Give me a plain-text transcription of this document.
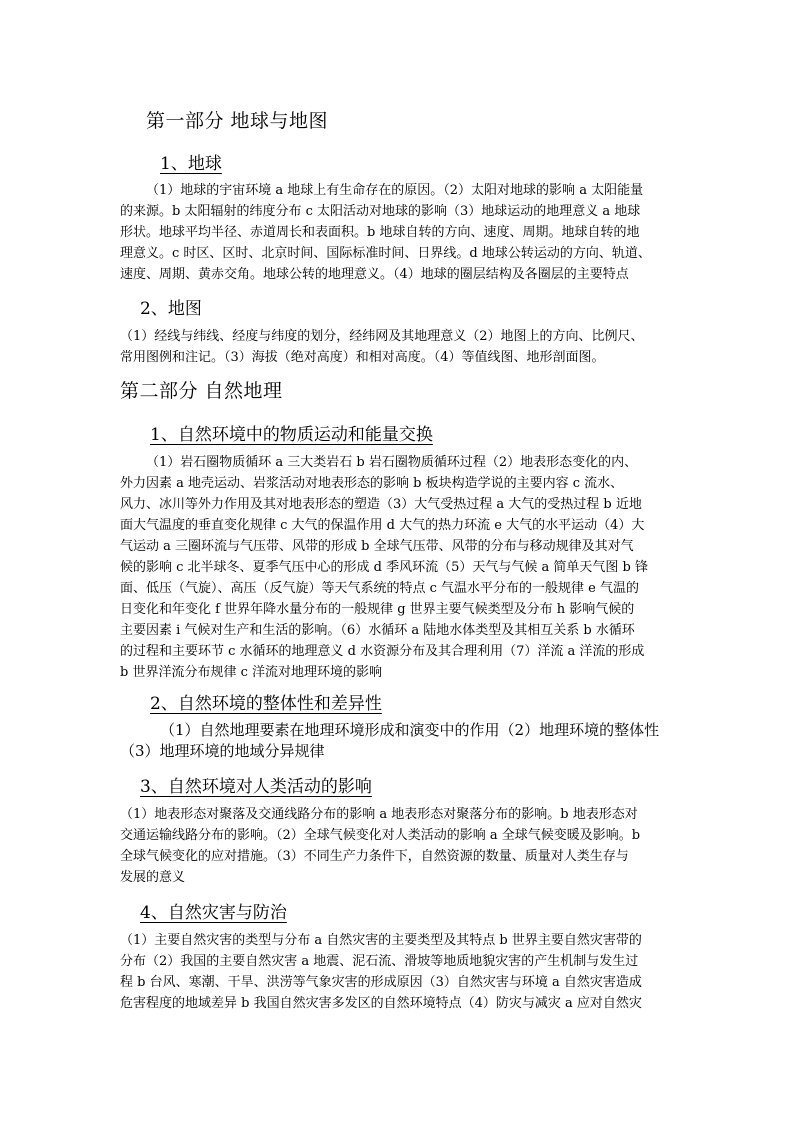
第一部分 地球与地图
1、地球
（1）地球的宇宙环境 a 地球上有生命存在的原因。（2）太阳对地球的影响 a 太阳能量
的来源。b 太阳辐射的纬度分布 c 太阳活动对地球的影响（3）地球运动的地理意义 a 地球
形状。地球平均半径、赤道周长和表面积。b 地球自转的方向、速度、周期。地球自转的地
理意义。c 时区、区时、北京时间、国际标准时间、日界线。d 地球公转运动的方向、轨道、
速度、周期、黄赤交角。地球公转的地理意义。（4）地球的圈层结构及各圈层的主要特点
2、地图
（1）经线与纬线、经度与纬度的划分，经纬网及其地理意义（2）地图上的方向、比例尺、
常用图例和注记。（3）海拔（绝对高度）和相对高度。（4）等值线图、地形剖面图。
第二部分 自然地理
1、自然环境中的物质运动和能量交换
（1）岩石圈物质循环 a 三大类岩石 b 岩石圈物质循环过程（2）地表形态变化的内、
外力因素 a 地壳运动、岩浆活动对地表形态的影响 b 板块构造学说的主要内容 c 流水、
风力、冰川等外力作用及其对地表形态的塑造（3）大气受热过程 a 大气的受热过程 b 近地
面大气温度的垂直变化规律 c 大气的保温作用 d 大气的热力环流 e 大气的水平运动（4）大
气运动 a 三圈环流与气压带、风带的形成 b 全球气压带、风带的分布与移动规律及其对气
候的影响 c 北半球冬、夏季气压中心的形成 d 季风环流（5）天气与气候 a 简单天气图 b 锋
面、低压（气旋）、高压（反气旋）等天气系统的特点 c 气温水平分布的一般规律 e 气温的
日变化和年变化 f 世界年降水量分布的一般规律 g 世界主要气候类型及分布 h 影响气候的
主要因素 i 气候对生产和生活的影响。（6）水循环 a 陆地水体类型及其相互关系 b 水循环
的过程和主要环节 c 水循环的地理意义 d 水资源分布及其合理利用（7）洋流 a 洋流的形成
b 世界洋流分布规律 c 洋流对地理环境的影响
2、自然环境的整体性和差异性
（1）自然地理要素在地理环境形成和演变中的作用（2）地理环境的整体性
（3）地理环境的地域分异规律
3、自然环境对人类活动的影响
（1）地表形态对聚落及交通线路分布的影响 a 地表形态对聚落分布的影响。b 地表形态对
交通运输线路分布的影响。（2）全球气候变化对人类活动的影响 a 全球气候变暖及影响。b
全球气候变化的应对措施。（3）不同生产力条件下，自然资源的数量、质量对人类生存与
发展的意义
4、自然灾害与防治
（1）主要自然灾害的类型与分布 a 自然灾害的主要类型及其特点 b 世界主要自然灾害带的
分布（2）我国的主要自然灾害 a 地震、泥石流、滑坡等地质地貌灾害的产生机制与发生过
程 b 台风、寒潮、干旱、洪涝等气象灾害的形成原因（3）自然灾害与环境 a 自然灾害造成
危害程度的地域差异 b 我国自然灾害多发区的自然环境特点（4）防灾与减灾 a 应对自然灾
